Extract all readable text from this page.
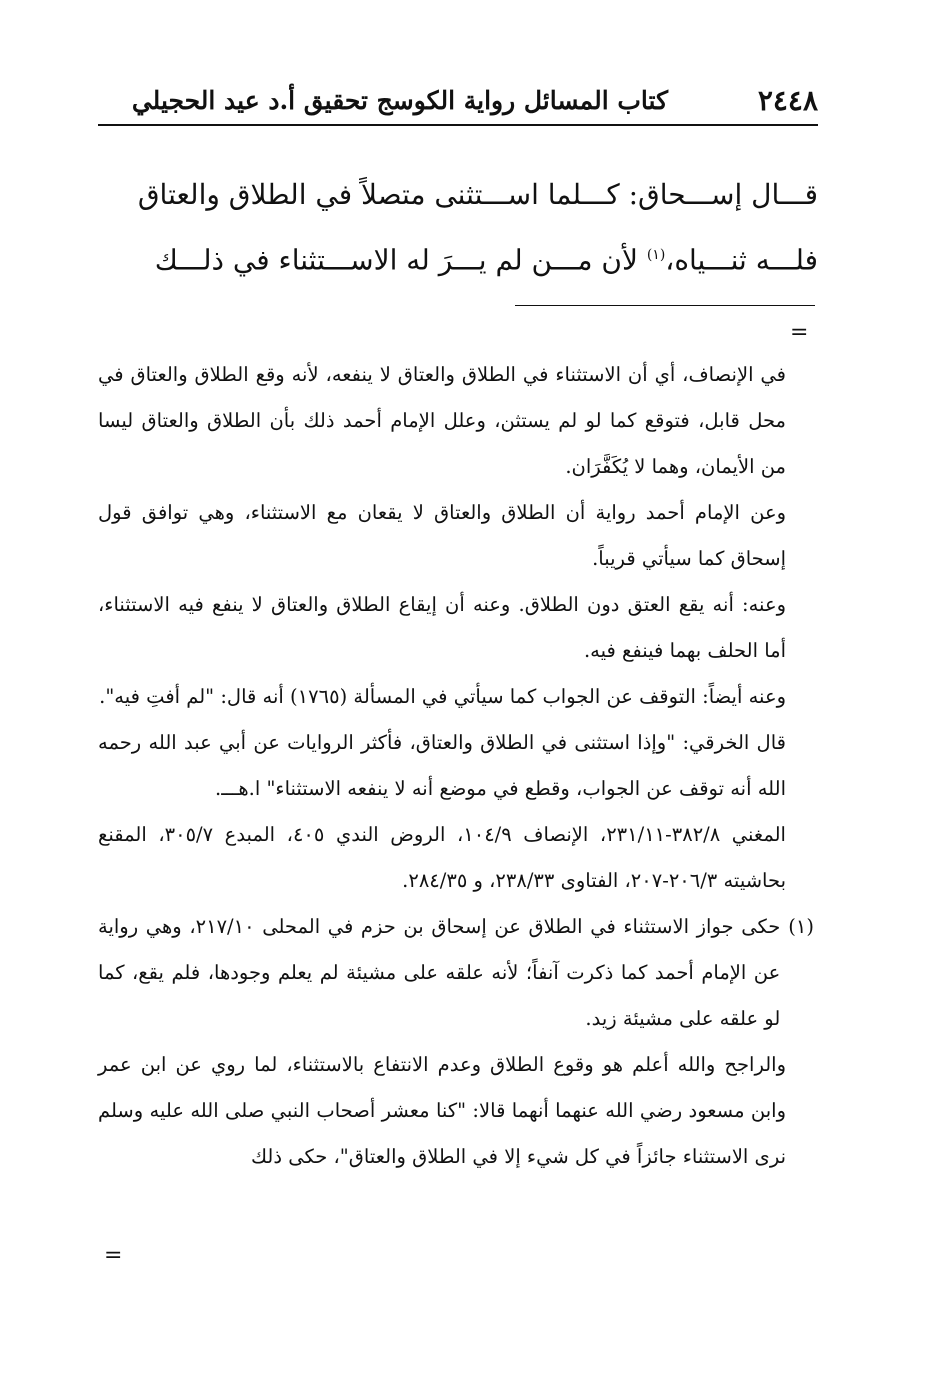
٢٤٤٨
كتاب المسائل رواية الكوسج تحقيق أ.د عيد الحجيلي

قـــال إســـحاق: كـــلما اســـتثنى متصلاً في الطلاق والعتاق

فلـــه ثنـــياه،$^{(١)}$ لأن مـــن لم يـــرَ له الاســـتثناء في ذلـــك

=

في الإنصاف، أي أن الاستثناء في الطلاق والعتاق لا ينفعه، لأنه وقع الطلاق والعتاق في محل قابل، فتوقع كما لو لم يستثن، وعلل الإمام أحمد ذلك بأن الطلاق والعتاق ليسا من الأيمان، وهما لا يُكَفَّرَان.

وعن الإمام أحمد رواية أن الطلاق والعتاق لا يقعان مع الاستثناء، وهي توافق قول إسحاق كما سيأتي قريباً.

وعنه: أنه يقع العتق دون الطلاق. وعنه أن إيقاع الطلاق والعتاق لا ينفع فيه الاستثناء، أما الحلف بهما فينفع فيه.

وعنه أيضاً: التوقف عن الجواب كما سيأتي في المسألة (١٧٦٥) أنه قال: "لم أفتِ فيه".

قال الخرقي: "وإذا استثنى في الطلاق والعتاق، فأكثر الروايات عن أبي عبد الله رحمه الله أنه توقف عن الجواب، وقطع في موضع أنه لا ينفعه الاستثناء" ا.هـــ.

المغني ٣٨٢/٨-٢٣١/١١، الإنصاف ١٠٤/٩، الروض الندي ٤٠٥، المبدع ٣٠٥/٧، المقنع بحاشيته ٢٠٦/٣-٢٠٧، الفتاوى ٢٣٨/٣٣، و ٢٨٤/٣٥.

(١)
حكى جواز الاستثناء في الطلاق عن إسحاق بن حزم في المحلى ٢١٧/١٠، وهي رواية عن الإمام أحمد كما ذكرت آنفاً؛ لأنه علقه على مشيئة لم يعلم وجودها، فلم يقع، كما لو علقه على مشيئة زيد.

والراجح والله أعلم هو وقوع الطلاق وعدم الانتفاع بالاستثناء، لما روي عن ابن عمر وابن مسعود رضي الله عنهما أنهما قالا: "كنا معشر أصحاب النبي صلى الله عليه وسلم نرى الاستثناء جائزاً في كل شيء إلا في الطلاق والعتاق"، حكى ذلك

=
